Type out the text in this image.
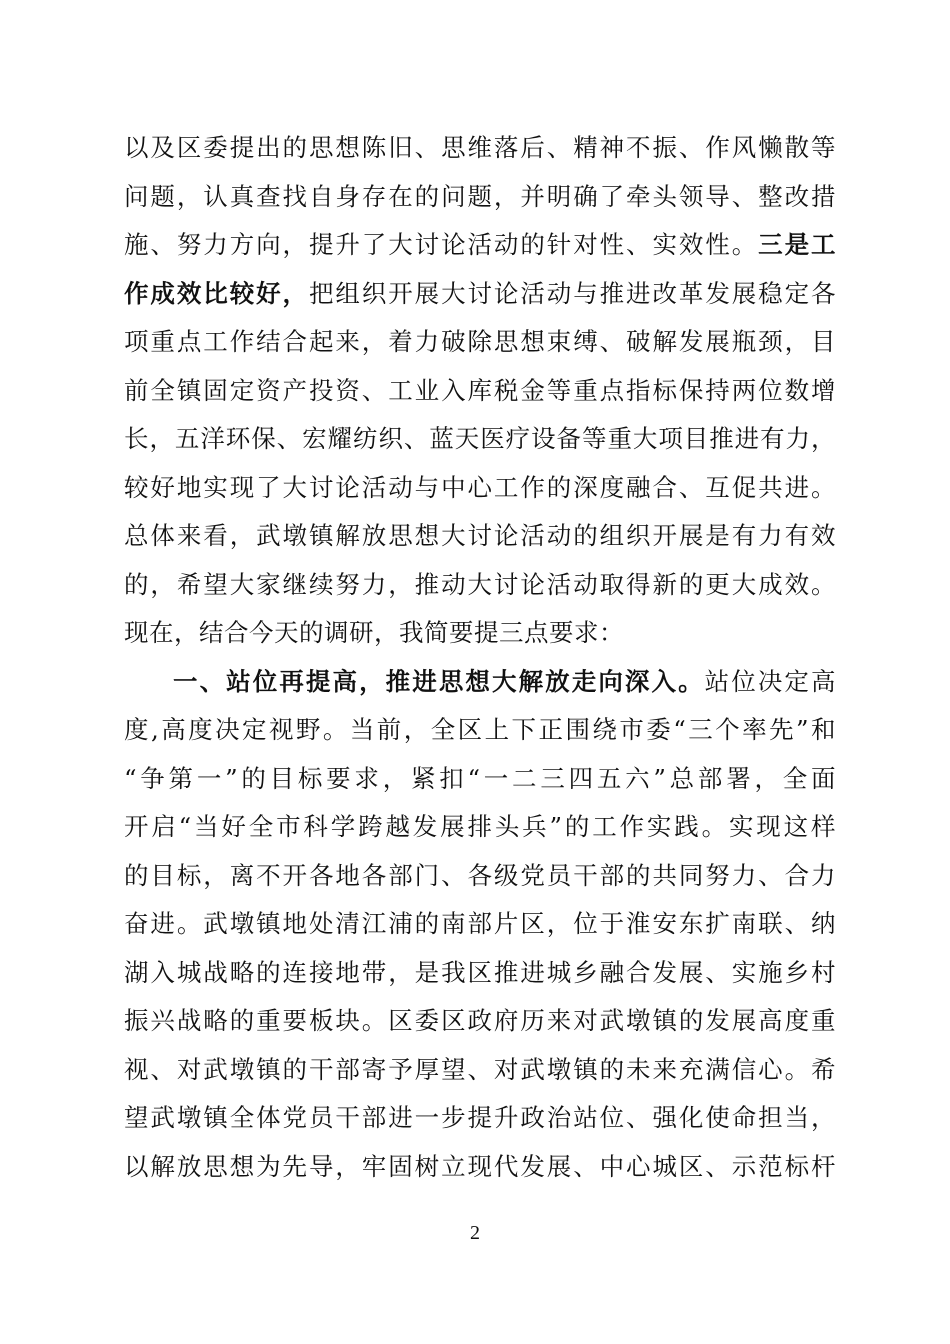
以及区委提出的思想陈旧、思维落后、精神不振、作风懒散等
问题，认真查找自身存在的问题，并明确了牵头领导、整改措
施、努力方向，提升了大讨论活动的针对性、实效性。三是工
作成效比较好，把组织开展大讨论活动与推进改革发展稳定各
项重点工作结合起来，着力破除思想束缚、破解发展瓶颈，目
前全镇固定资产投资、工业入库税金等重点指标保持两位数增
长，五洋环保、宏耀纺织、蓝天医疗设备等重大项目推进有力，
较好地实现了大讨论活动与中心工作的深度融合、互促共进。
总体来看，武墩镇解放思想大讨论活动的组织开展是有力有效
的，希望大家继续努力，推动大讨论活动取得新的更大成效。
现在，结合今天的调研，我简要提三点要求：
一、站位再提高，推进思想大解放走向深入。站位决定高
度,高度决定视野。当前，全区上下正围绕市委“三个率先”和
“争第一”的目标要求，紧扣“一二三四五六”总部署，全面
开启“当好全市科学跨越发展排头兵”的工作实践。实现这样
的目标，离不开各地各部门、各级党员干部的共同努力、合力
奋进。武墩镇地处清江浦的南部片区，位于淮安东扩南联、纳
湖入城战略的连接地带，是我区推进城乡融合发展、实施乡村
振兴战略的重要板块。区委区政府历来对武墩镇的发展高度重
视、对武墩镇的干部寄予厚望、对武墩镇的未来充满信心。希
望武墩镇全体党员干部进一步提升政治站位、强化使命担当，
以解放思想为先导，牢固树立现代发展、中心城区、示范标杆
2
